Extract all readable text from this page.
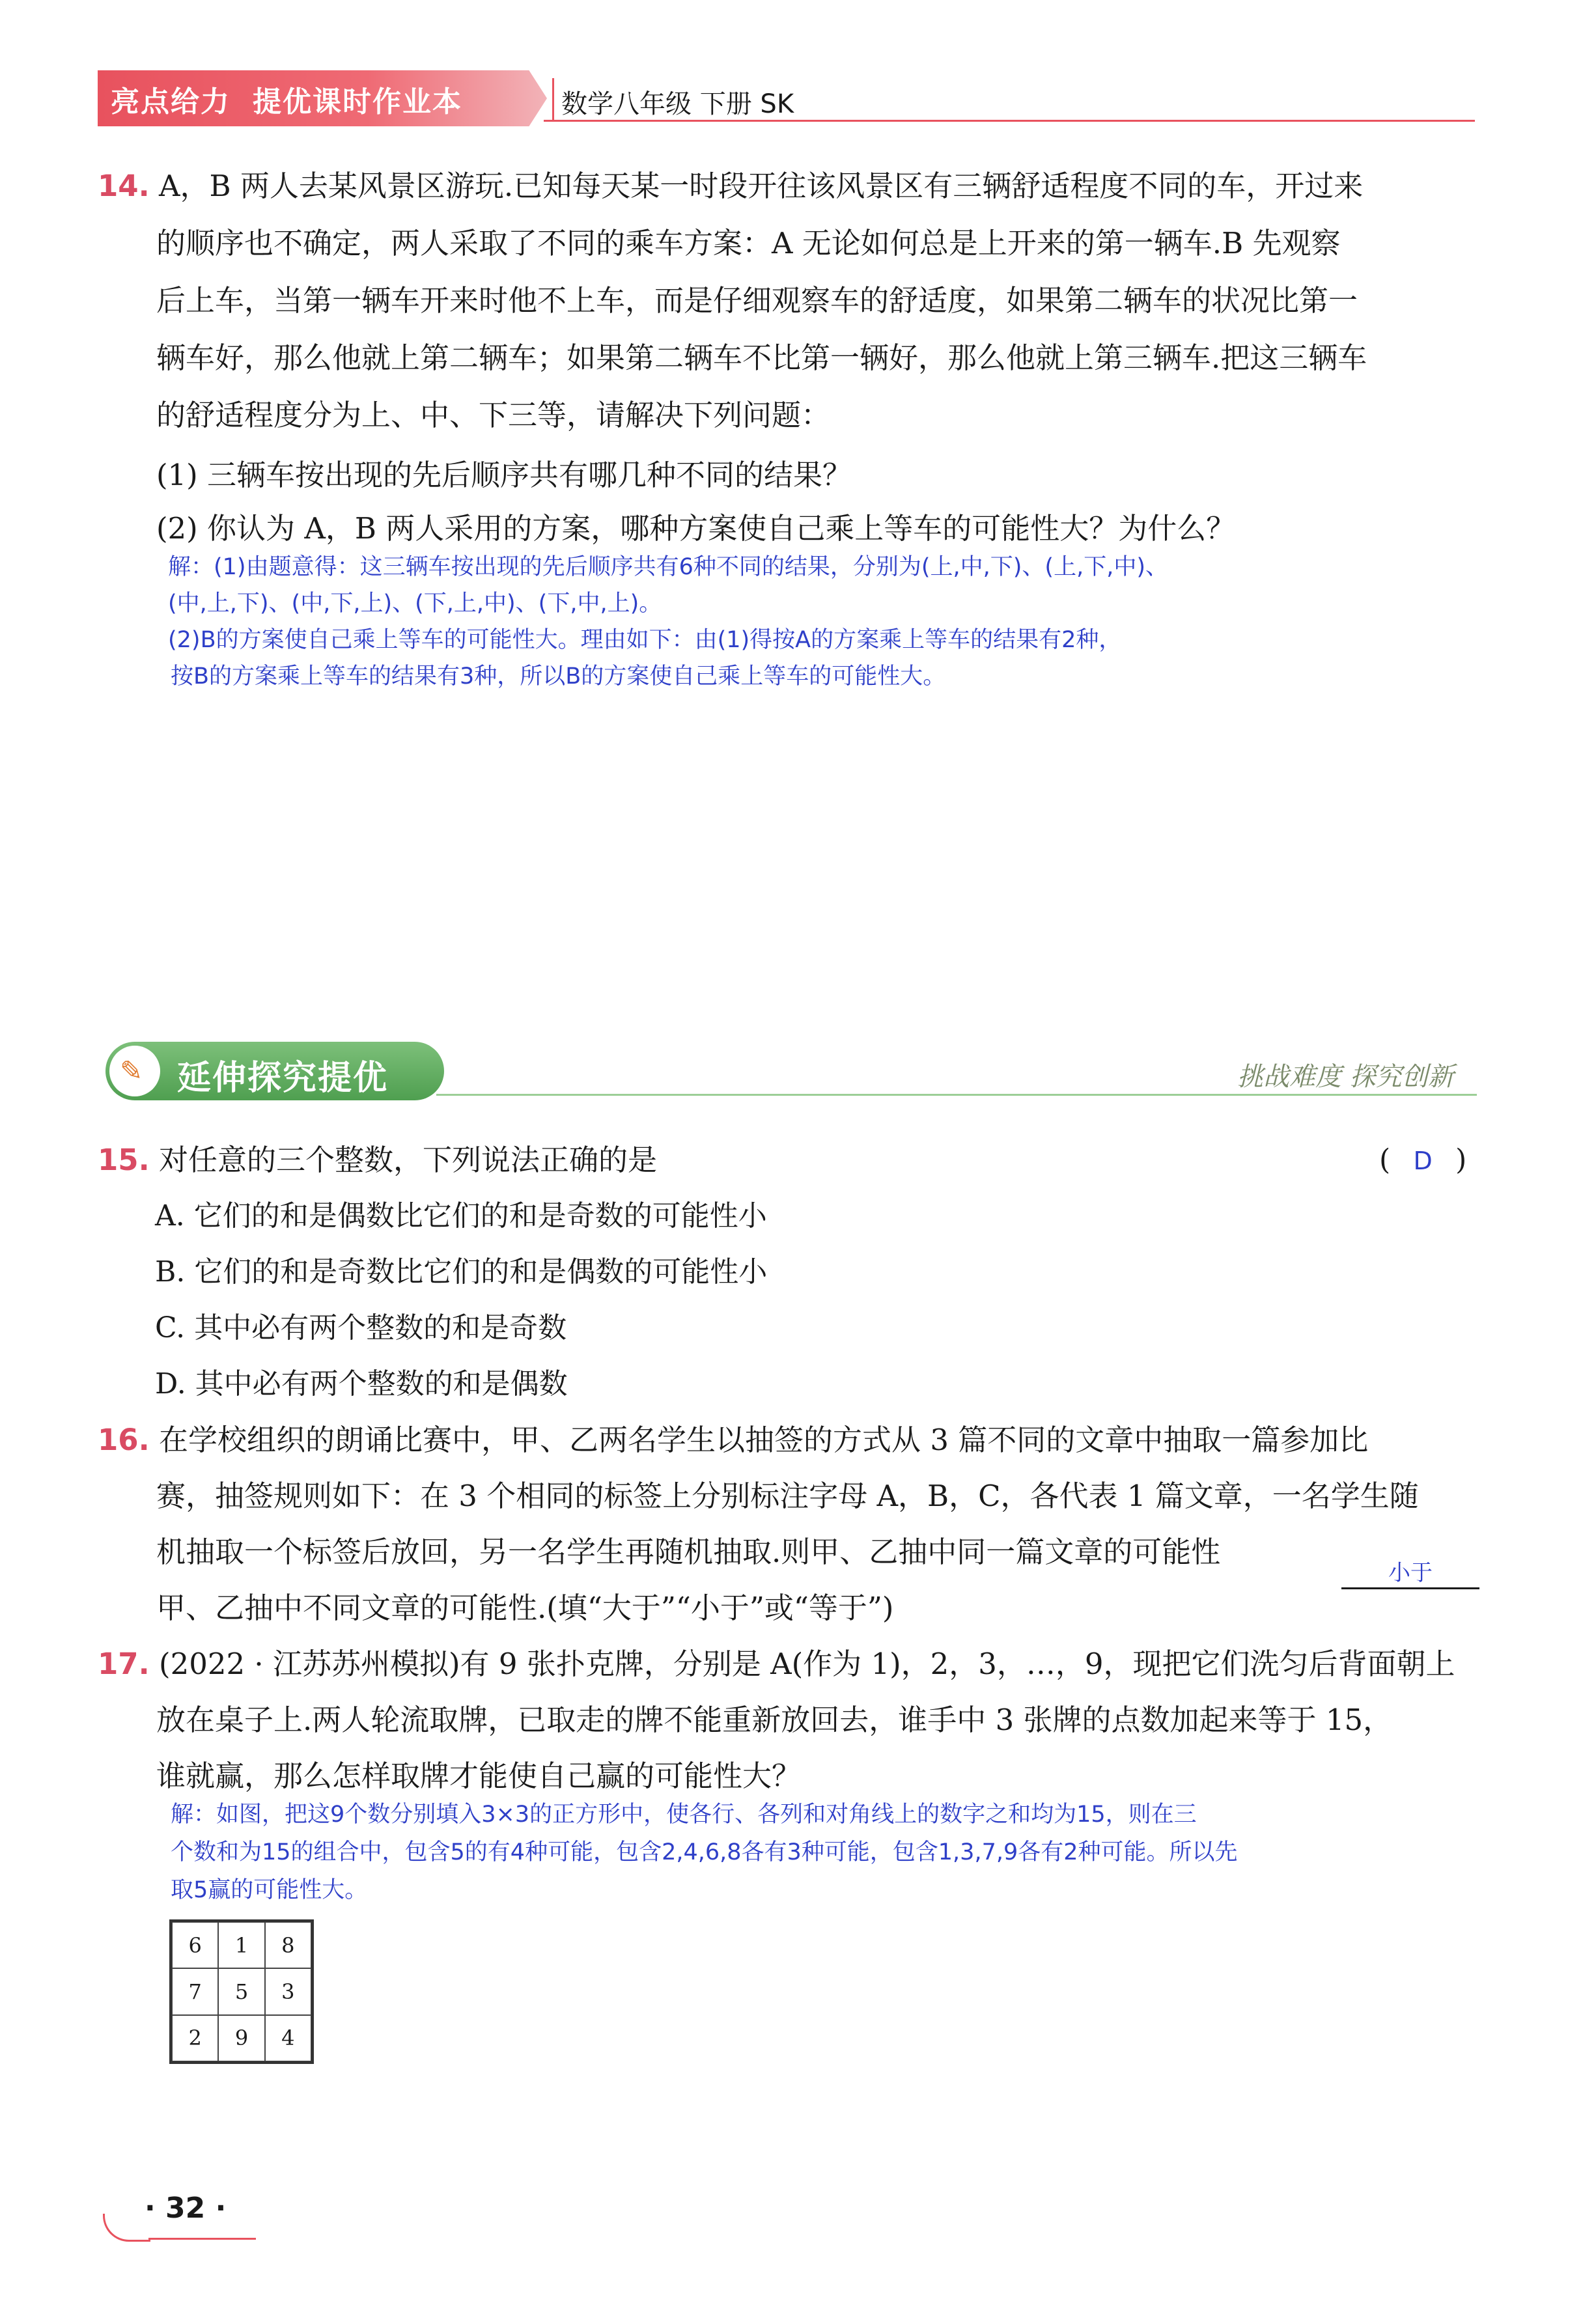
亮点给力 提优课时作业本	数学八年级 下册 SK
14. A，B 两人去某风景区游玩.已知每天某一时段开往该风景区有三辆舒适程度不同的车，开过来
的顺序也不确定，两人采取了不同的乘车方案：A 无论如何总是上开来的第一辆车.B 先观察
后上车，当第一辆车开来时他不上车，而是仔细观察车的舒适度，如果第二辆车的状况比第一
辆车好，那么他就上第二辆车；如果第二辆车不比第一辆好，那么他就上第三辆车.把这三辆车
的舒适程度分为上、中、下三等，请解决下列问题：
(1) 三辆车按出现的先后顺序共有哪几种不同的结果？
(2) 你认为 A，B 两人采用的方案，哪种方案使自己乘上等车的可能性大？为什么？
解：(1)由题意得：这三辆车按出现的先后顺序共有6种不同的结果，分别为(上,中,下)、(上,下,中)、
(中,上,下)、(中,下,上)、(下,上,中)、(下,中,上)。
(2)B的方案使自己乘上等车的可能性大。理由如下：由(1)得按A的方案乘上等车的结果有2种，
按B的方案乘上等车的结果有3种，所以B的方案使自己乘上等车的可能性大。
✎ 延伸探究提优	挑战难度 探究创新
15. 对任意的三个整数，下列说法正确的是	( D )
A. 它们的和是偶数比它们的和是奇数的可能性小
B. 它们的和是奇数比它们的和是偶数的可能性小
C. 其中必有两个整数的和是奇数
D. 其中必有两个整数的和是偶数
16. 在学校组织的朗诵比赛中，甲、乙两名学生以抽签的方式从 3 篇不同的文章中抽取一篇参加比
赛，抽签规则如下：在 3 个相同的标签上分别标注字母 A，B，C，各代表 1 篇文章，一名学生随
机抽取一个标签后放回，另一名学生再随机抽取.则甲、乙抽中同一篇文章的可能性
小于
甲、乙抽中不同文章的可能性.(填“大于”“小于”或“等于”)
17. (2022 · 江苏苏州模拟)有 9 张扑克牌，分别是 A(作为 1)，2，3，…，9，现把它们洗匀后背面朝上
放在桌子上.两人轮流取牌，已取走的牌不能重新放回去，谁手中 3 张牌的点数加起来等于 15，
谁就赢，那么怎样取牌才能使自己赢的可能性大？
解：如图，把这9个数分别填入3×3的正方形中，使各行、各列和对角线上的数字之和均为15，则在三
个数和为15的组合中，包含5的有4种可能，包含2,4,6,8各有3种可能，包含1,3,7,9各有2种可能。所以先
取5赢的可能性大。
6	1	8
7	5	3
2	9	4
· 32 ·
